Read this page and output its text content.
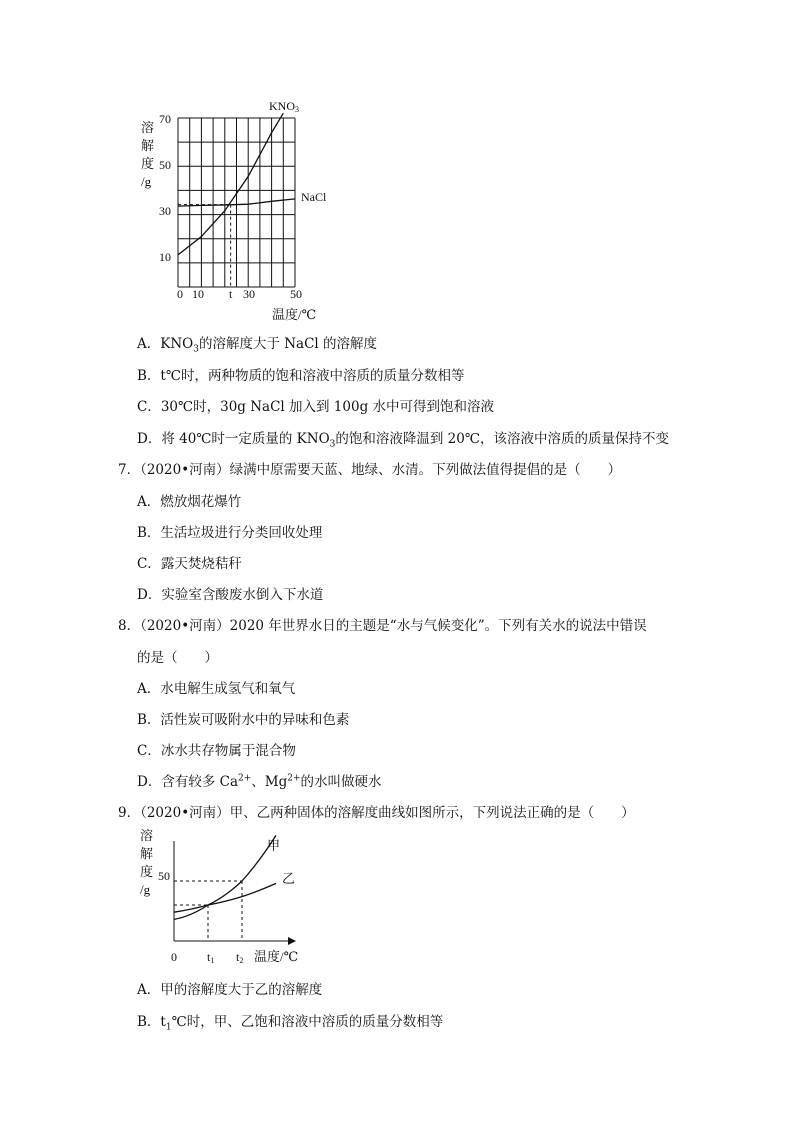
溶
解
度
/g
70
50
30
10
0 10 t 30	50
温度/℃
KNO3
NaCl
A．$KNO_3$的溶解度大于 NaCl 的溶解度
B．t℃时，两种物质的饱和溶液中溶质的质量分数相等
C．30℃时，30g NaCl 加入到 100g 水中可得到饱和溶液
D．将 40℃时一定质量的 $KNO_3$的饱和溶液降温到 20℃，该溶液中溶质的质量保持不变
7．（2020•河南）绿满中原需要天蓝、地绿、水清。下列做法值得提倡的是（　　）
A．燃放烟花爆竹
B．生活垃圾进行分类回收处理
C．露天焚烧秸秆
D．实验室含酸废水倒入下水道
8．（2020•河南）2020 年世界水日的主题是“水与气候变化”。下列有关水的说法中错误
的是（　　）
A．水电解生成氢气和氧气
B．活性炭可吸附水中的异味和色素
C．冰水共存物属于混合物
D．含有较多 $Ca^{2+}$、$Mg^{2+}$的水叫做硬水
9．（2020•河南）甲、乙两种固体的溶解度曲线如图所示，下列说法正确的是（　　）
溶
解
度
/g
50
0	t1 t2 温度/℃
甲
乙
A．甲的溶解度大于乙的溶解度
B．$t_1℃$时，甲、乙饱和溶液中溶质的质量分数相等
